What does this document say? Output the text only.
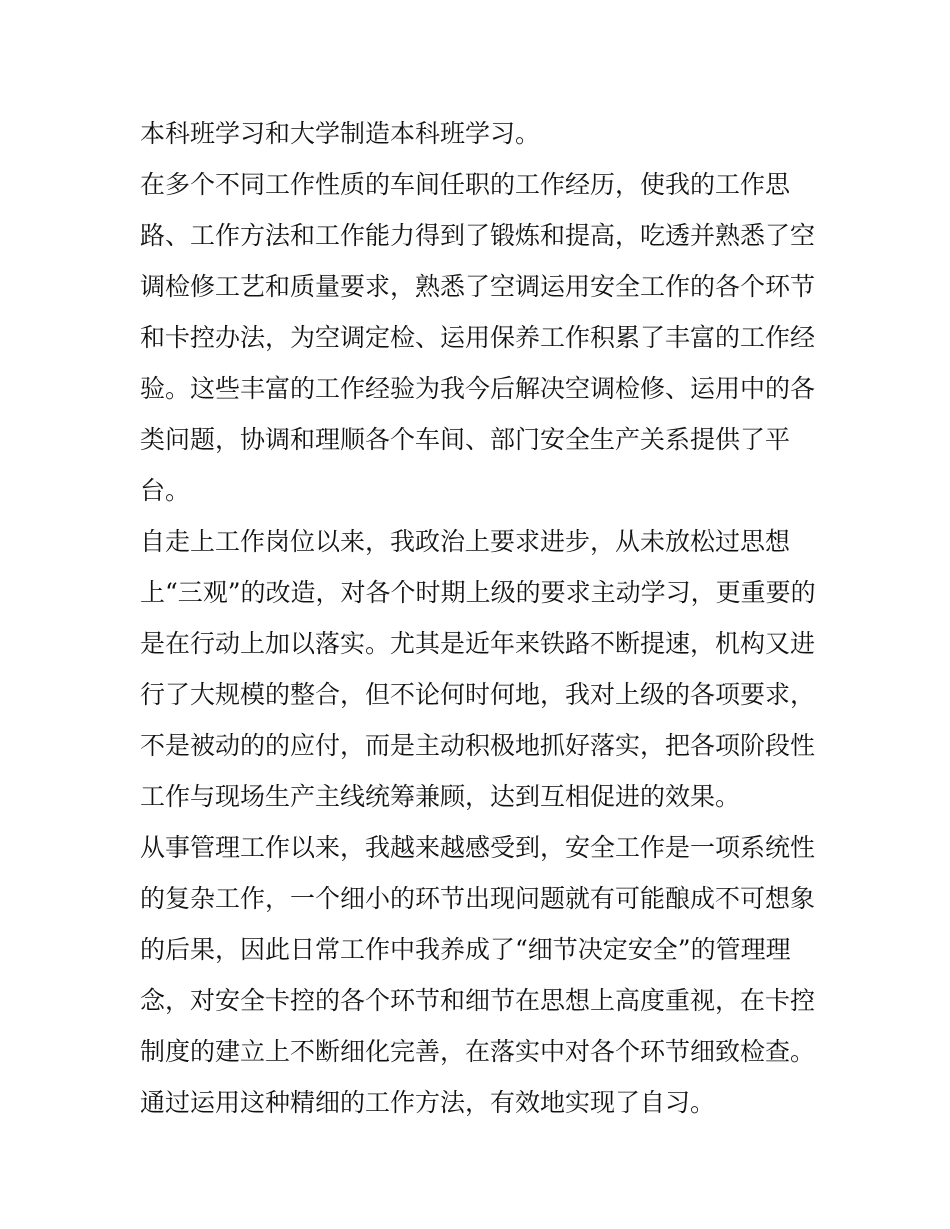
本科班学习和大学制造本科班学习。
在多个不同工作性质的车间任职的工作经历，使我的工作思
路、工作方法和工作能力得到了锻炼和提高，吃透并熟悉了空
调检修工艺和质量要求，熟悉了空调运用安全工作的各个环节
和卡控办法，为空调定检、运用保养工作积累了丰富的工作经
验。这些丰富的工作经验为我今后解决空调检修、运用中的各
类问题，协调和理顺各个车间、部门安全生产关系提供了平
台。
自走上工作岗位以来，我政治上要求进步，从未放松过思想
上“三观”的改造，对各个时期上级的要求主动学习，更重要的
是在行动上加以落实。尤其是近年来铁路不断提速，机构又进
行了大规模的整合，但不论何时何地，我对上级的各项要求，
不是被动的的应付，而是主动积极地抓好落实，把各项阶段性
工作与现场生产主线统筹兼顾，达到互相促进的效果。
从事管理工作以来，我越来越感受到，安全工作是一项系统性
的复杂工作，一个细小的环节出现问题就有可能酿成不可想象
的后果，因此日常工作中我养成了“细节决定安全”的管理理
念，对安全卡控的各个环节和细节在思想上高度重视，在卡控
制度的建立上不断细化完善，在落实中对各个环节细致检查。
通过运用这种精细的工作方法，有效地实现了自习。
